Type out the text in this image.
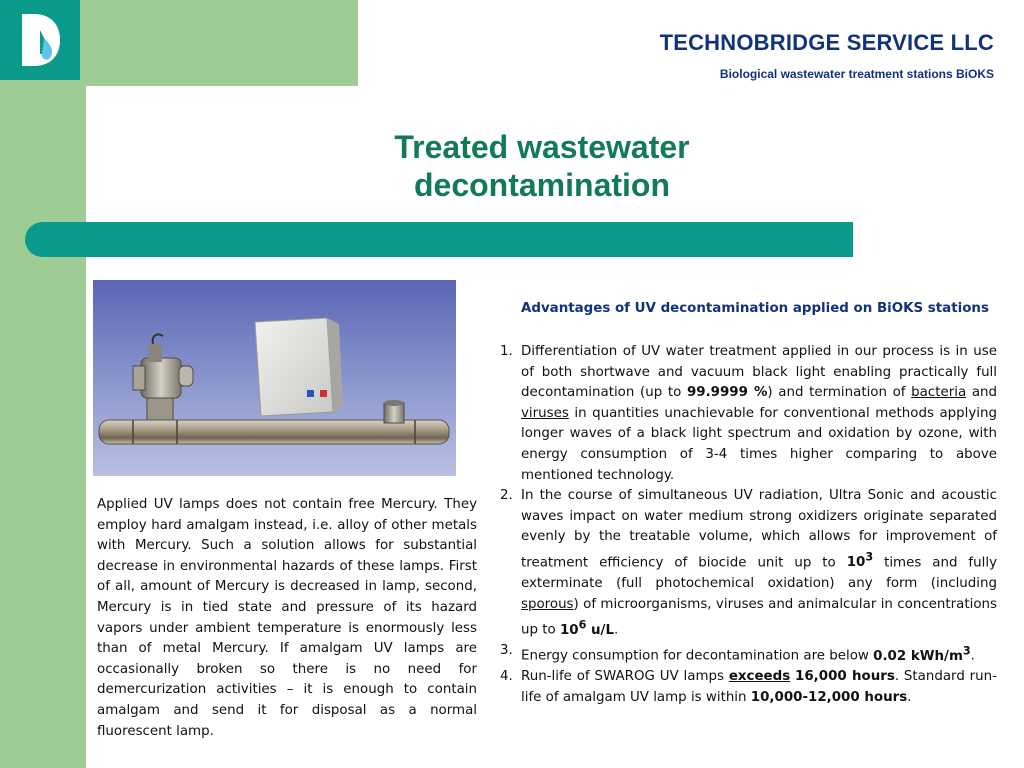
TECHNOBRIDGE SERVICE LLC
Biological wastewater treatment stations BiOKS
Treated wastewater
decontamination

Applied UV lamps does not contain free Mercury. They employ hard amalgam instead, i.e. alloy of other metals with Mercury. Such a solution allows for substantial decrease in environmental hazards of these lamps. First of all, amount of Mercury is decreased in lamp, second, Mercury is in tied state and pressure of its hazard vapors under ambient temperature is enormously less than of metal Mercury. If amalgam UV lamps are occasionally broken so there is no need for demercurization activities – it is enough to contain amalgam and send it for disposal as a normal fluorescent lamp.

Advantages of UV decontamination applied on BiOKS stations

1. Differentiation of UV water treatment applied in our process is in use of both shortwave and vacuum black light enabling practically full decontamination (up to 99.9999 %) and termination of bacteria and viruses in quantities unachievable for conventional methods applying longer waves of a black light spectrum and oxidation by ozone, with energy consumption of 3-4 times higher comparing to above mentioned technology.
2. In the course of simultaneous UV radiation, Ultra Sonic and acoustic waves impact on water medium strong oxidizers originate separated evenly by the treatable volume, which allows for improvement of treatment efficiency of biocide unit up to $10^3$ times and fully exterminate (full photochemical oxidation) any form (including sporous) of microorganisms, viruses and animalcular in concentrations up to $10^6$ u/L.
3. Energy consumption for decontamination are below 0.02 kWh/$m^3$.
4. Run-life of SWAROG UV lamps exceeds 16,000 hours. Standard run-life of amalgam UV lamp is within 10,000-12,000 hours.
